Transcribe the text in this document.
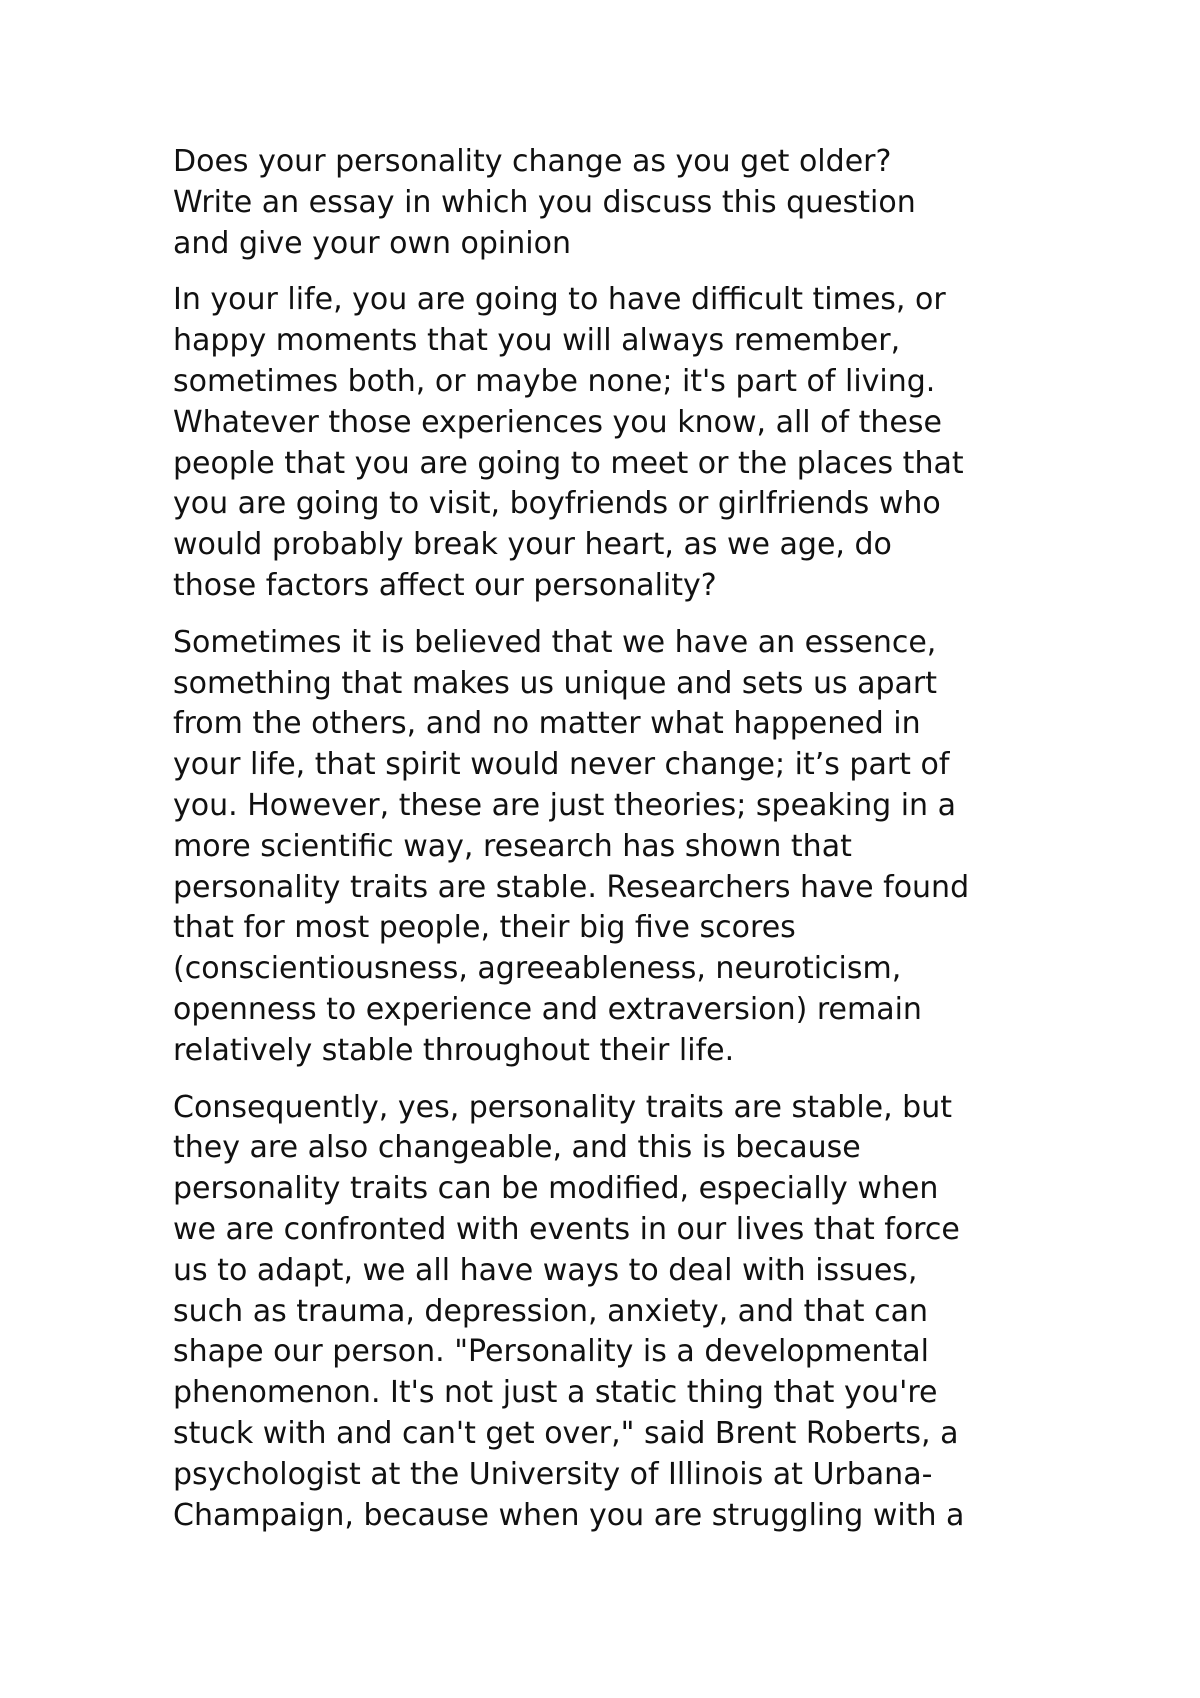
Does your personality change as you get older?
Write an essay in which you discuss this question
and give your own opinion

In your life, you are going to have difficult times, or
happy moments that you will always remember,
sometimes both, or maybe none; it's part of living.
Whatever those experiences you know, all of these
people that you are going to meet or the places that
you are going to visit, boyfriends or girlfriends who
would probably break your heart, as we age, do
those factors affect our personality?

Sometimes it is believed that we have an essence,
something that makes us unique and sets us apart
from the others, and no matter what happened in
your life, that spirit would never change; it’s part of
you. However, these are just theories; speaking in a
more scientific way, research has shown that
personality traits are stable. Researchers have found
that for most people, their big five scores
(conscientiousness, agreeableness, neuroticism,
openness to experience and extraversion) remain
relatively stable throughout their life.

Consequently, yes, personality traits are stable, but
they are also changeable, and this is because
personality traits can be modified, especially when
we are confronted with events in our lives that force
us to adapt, we all have ways to deal with issues,
such as trauma, depression, anxiety, and that can
shape our person. "Personality is a developmental
phenomenon. It's not just a static thing that you're
stuck with and can't get over," said Brent Roberts, a
psychologist at the University of Illinois at Urbana-
Champaign, because when you are struggling with a
